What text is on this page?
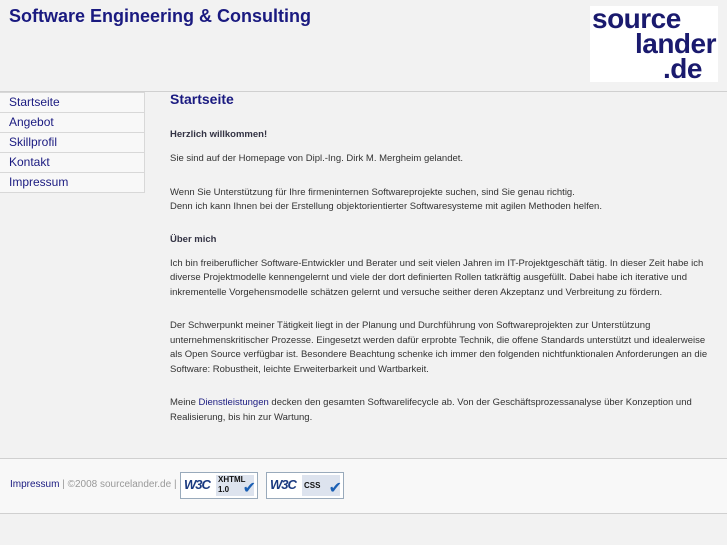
Software Engineering & Consulting	source
lander
.de
Startseite
Angebot
Skillprofil
Kontakt
Impressum
Startseite
Herzlich willkommen!

Sie sind auf der Homepage von Dipl.-Ing. Dirk M. Mergheim gelandet.

Wenn Sie Unterstützung für Ihre firmeninternen Softwareprojekte suchen, sind Sie genau richtig.

Denn ich kann Ihnen bei der Erstellung objektorientierter Softwaresysteme mit agilen Methoden helfen.

Über mich

Ich bin freiberuflicher Software-Entwickler und Berater und seit vielen Jahren im IT-Projektgeschäft tätig. In dieser Zeit habe ich diverse Projektmodelle kennengelernt und viele der dort definierten Rollen tatkräftig ausgefüllt. Dabei habe ich iterative und inkrementelle Vorgehensmodelle schätzen gelernt und versuche seither deren Akzeptanz und Verbreitung zu fördern.

Der Schwerpunkt meiner Tätigkeit liegt in der Planung und Durchführung von Softwareprojekten zur Unterstützung unternehmenskritischer Prozesse. Eingesetzt werden dafür erprobte Technik, die offene Standards unterstützt und idealerweise als Open Source verfügbar ist. Besondere Beachtung schenke ich immer den folgenden nichtfunktionalen Anforderungen an die Software: Robustheit, leichte Erweiterbarkeit und Wartbarkeit.

Meine Dienstleistungen decken den gesamten Softwarelifecycle ab. Von der Geschäftsprozessanalyse über Konzeption und Realisierung, bis hin zur Wartung.

Impressum | ©2008 sourcelander.de | W3C XHTML
1.0 ✔ W3C CSS ✔
